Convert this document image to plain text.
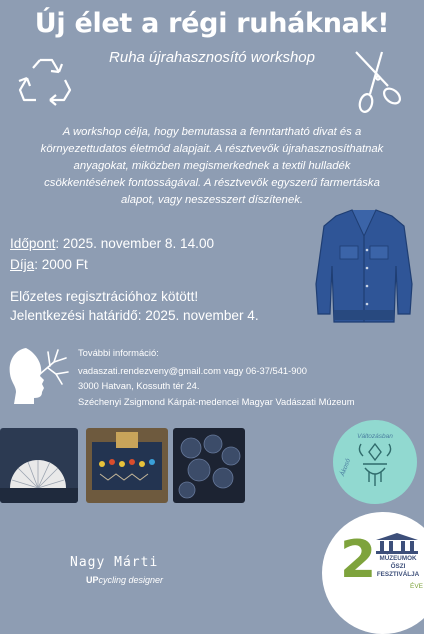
Új élet a régi ruháknak!
Ruha újrahasznosító workshop
A workshop célja, hogy bemutassa a fenntartható divat és a
környezettudatos életmód alapjait. A résztvevők újrahasznosíthatnak
anyagokat, miközben megismerkednek a textil hulladék
csökkentésének fontosságával. A résztvevők egyszerű farmertáska
alapot, vagy neszesszert díszítenek.
Időpont: 2025. november 8. 14.00
Díja: 2000 Ft
Előzetes regisztrációhoz kötött!
Jelentkezési határidő: 2025. november 4.
További információ:
vadaszati.rendezveny@gmail.com vagy 06-37/541-900
3000 Hatvan, Kossuth tér 24.
Széchenyi Zsigmond Kárpát-medencei Magyar Vadászati Múzeum
Nagy Márti
UPcycling designer
Változásban
Ákosó
2 MÚZEUMOK
ŐSZI FESZTIVÁLJA
ÉVE
